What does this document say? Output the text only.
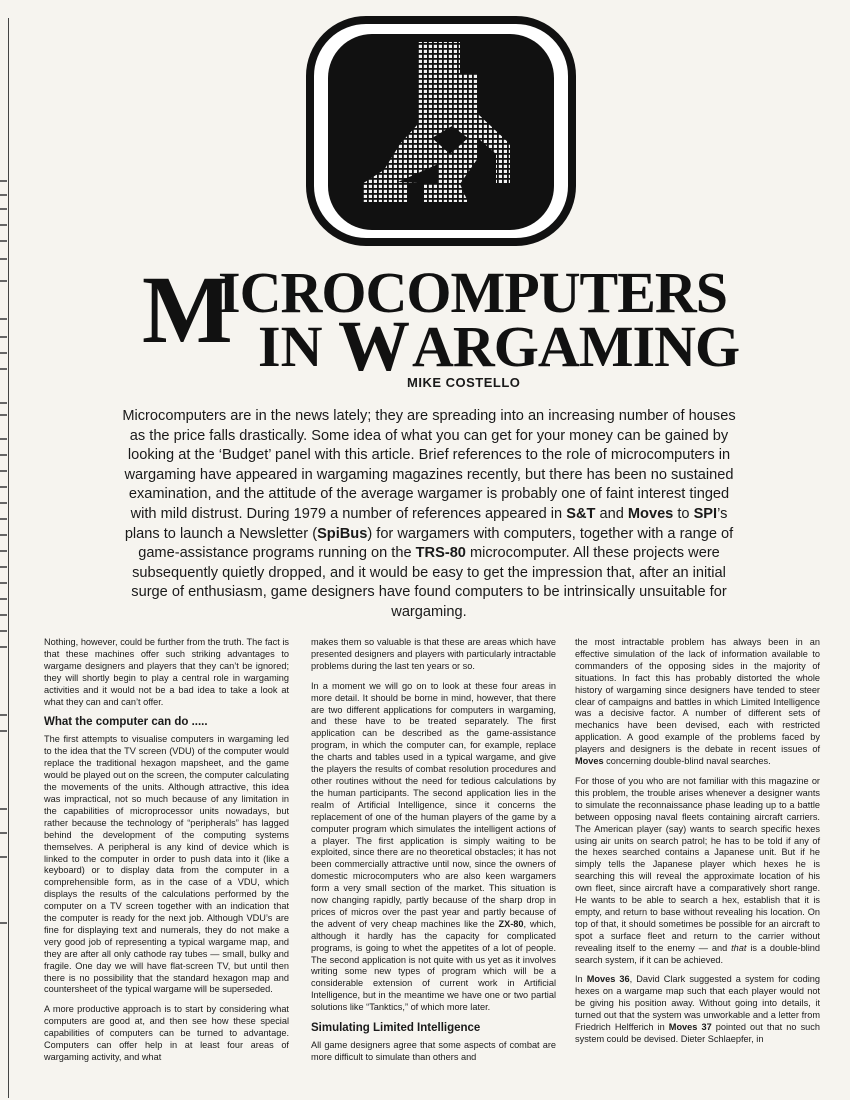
M
ICROCOMPUTERS
IN W ARGAMING
MIKE COSTELLO
Microcomputers are in the news lately; they are spreading into an increasing number of houses as the price falls drastically. Some idea of what you can get for your money can be gained by looking at the ‘Budget’ panel with this article. Brief references to the role of microcomputers in wargaming have appeared in wargaming magazines recently, but there has been no sustained examination, and the attitude of the average wargamer is probably one of faint interest tinged with mild distrust. During 1979 a number of references appeared in S&T and Moves to SPI’s plans to launch a Newsletter (SpiBus) for wargamers with computers, together with a range of game-assistance programs running on the TRS-80 microcomputer. All these projects were subsequently quietly dropped, and it would be easy to get the impression that, after an initial surge of enthusiasm, game designers have found computers to be intrinsically unsuitable for wargaming.

Nothing, however, could be further from the truth. The fact is that these machines offer such striking advantages to wargame designers and players that they can’t be ignored; they will shortly begin to play a central role in wargaming activities and it would not be a bad idea to take a look at what they can and can’t offer.

What the computer can do .....

The first attempts to visualise computers in wargaming led to the idea that the TV screen (VDU) of the computer would replace the traditional hexagon mapsheet, and the game would be played out on the screen, the computer calculating the movements of the units. Although attractive, this idea was impractical, not so much because of any limitation in the capabilities of microprocessor units nowadays, but rather because the technology of “peripherals” has lagged behind the development of the computing systems themselves. A peripheral is any kind of device which is linked to the computer in order to push data into it (like a keyboard) or to display data from the computer in a comprehensible form, as in the case of a VDU, which displays the results of the calculations performed by the computer on a TV screen together with an indication that the computer is ready for the next job. Although VDU’s are fine for displaying text and numerals, they do not make a very good job of representing a typical wargame map, and they are after all only cathode ray tubes — small, bulky and fragile. One day we will have flat-screen TV, but until then there is no possibility that the standard hexagon map and countersheet of the typical wargame will be superseded.

A more productive approach is to start by considering what computers are good at, and then see how these special capabilities of computers can be turned to advantage. Computers can offer help in at least four areas of wargaming activity, and what

makes them so valuable is that these are areas which have presented designers and players with particularly intractable problems during the last ten years or so.

In a moment we will go on to look at these four areas in more detail. It should be borne in mind, however, that there are two different applications for computers in wargaming, and these have to be treated separately. The first application can be described as the game-assistance program, in which the computer can, for example, replace the charts and tables used in a typical wargame, and give the players the results of combat resolution procedures and other routines without the need for tedious calculations by the human participants. The second application lies in the realm of Artificial Intelligence, since it concerns the replacement of one of the human players of the game by a computer program which simulates the intelligent actions of a player. The first application is simply waiting to be exploited, since there are no theoretical obstacles; it has not been commercially attractive until now, since the owners of domestic microcomputers who are also keen wargamers form a very small section of the market. This situation is now changing rapidly, partly because of the sharp drop in prices of micros over the past year and partly because of the advent of very cheap machines like the ZX-80, which, although it hardly has the capacity for complicated programs, is going to whet the appetites of a lot of people. The second application is not quite with us yet as it involves writing some new types of program which will be a considerable extension of current work in Artificial Intelligence, but in the meantime we have one or two partial solutions like “Tanktics,” of which more later.

Simulating Limited Intelligence

All game designers agree that some aspects of combat are more difficult to simulate than others and

the most intractable problem has always been in an effective simulation of the lack of information available to commanders of the opposing sides in the majority of situations. In fact this has probably distorted the whole history of wargaming since designers have tended to steer clear of campaigns and battles in which Limited Intelligence was a decisive factor. A number of different sets of mechanics have been devised, each with restricted application. A good example of the problems faced by players and designers is the debate in recent issues of Moves concerning double-blind naval searches.

For those of you who are not familiar with this magazine or this problem, the trouble arises whenever a designer wants to simulate the reconnaissance phase leading up to a battle between opposing naval fleets containing aircraft carriers. The American player (say) wants to search specific hexes using air units on search patrol; he has to be told if any of the hexes searched contains a Japanese unit. But if he simply tells the Japanese player which hexes he is searching this will reveal the approximate location of his own fleet, since aircraft have a comparatively short range. He wants to be able to search a hex, establish that it is empty, and return to base without revealing his location. On top of that, it should sometimes be possible for an aircraft to spot a surface fleet and return to the carrier without revealing itself to the enemy — and that is a double-blind search system, if it can be achieved.

In Moves 36, David Clark suggested a system for coding hexes on a wargame map such that each player would not be giving his position away. Without going into details, it turned out that the system was unworkable and a letter from Friedrich Helfferich in Moves 37 pointed out that no such system could be devised. Dieter Schlaepfer, in
